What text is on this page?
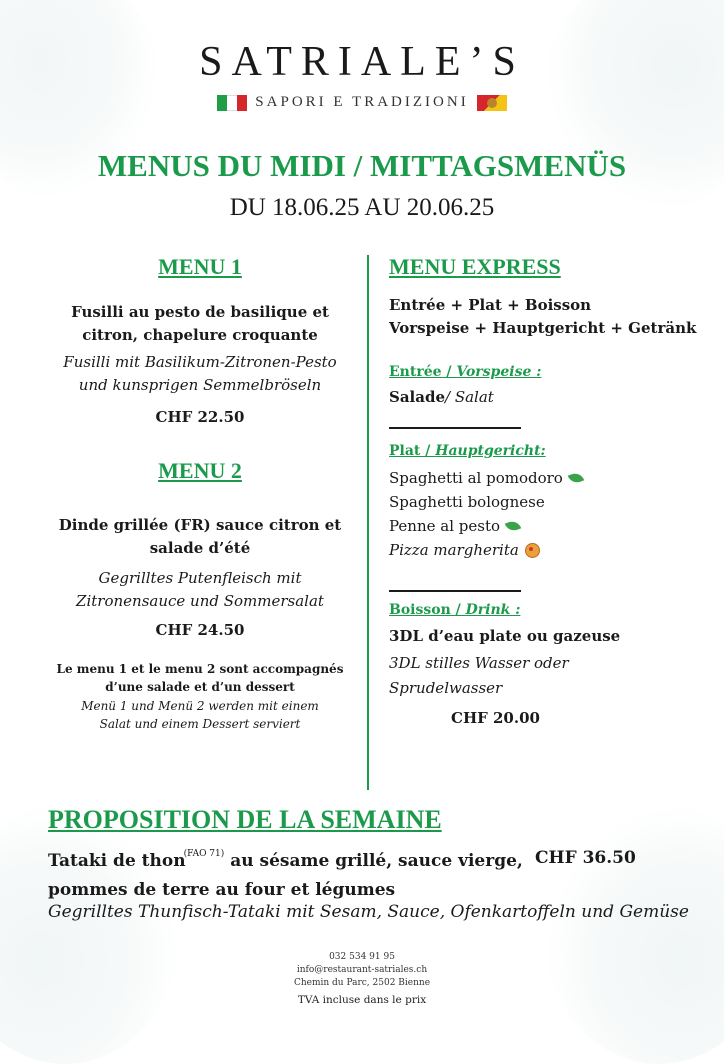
SATRIALE’S
SAPORI E TRADIZIONI
MENUS DU MIDI / MITTAGSMENÜS
DU 18.06.25 AU 20.06.25
MENU 1
Fusilli au pesto de basilique et
citron, chapelure croquante
Fusilli mit Basilikum-Zitronen-Pesto
und kunsprigen Semmelbröseln
CHF 22.50
MENU 2
Dinde grillée (FR) sauce citron et
salade d’été
Gegrilltes Putenfleisch mit
Zitronensauce und Sommersalat
CHF 24.50
Le menu 1 et le menu 2 sont accompagnés
d’une salade et d’un dessert
Menü 1 und Menü 2 werden mit einem
Salat und einem Dessert serviert
MENU EXPRESS
Entrée + Plat + Boisson
Vorspeise + Hauptgericht + Getränk
Entrée / Vorspeise :
Salade/ Salat
Plat / Hauptgericht:
Spaghetti al pomodoro
Spaghetti bolognese
Penne al pesto
Pizza margherita
Boisson / Drink :
3DL d’eau plate ou gazeuse
3DL stilles Wasser oder
Sprudelwasser
CHF 20.00
PROPOSITION DE LA SEMAINE
Tataki de thon$^{(FAO 71)}$ au sésame grillé, sauce vierge,
pommes de terre au four et légumes
CHF 36.50
Gegrilltes Thunfisch-Tataki mit Sesam, Sauce, Ofenkartoffeln und Gemüse
032 534 91 95
info@restaurant-satriales.ch
Chemin du Parc, 2502 Bienne
TVA incluse dans le prix
